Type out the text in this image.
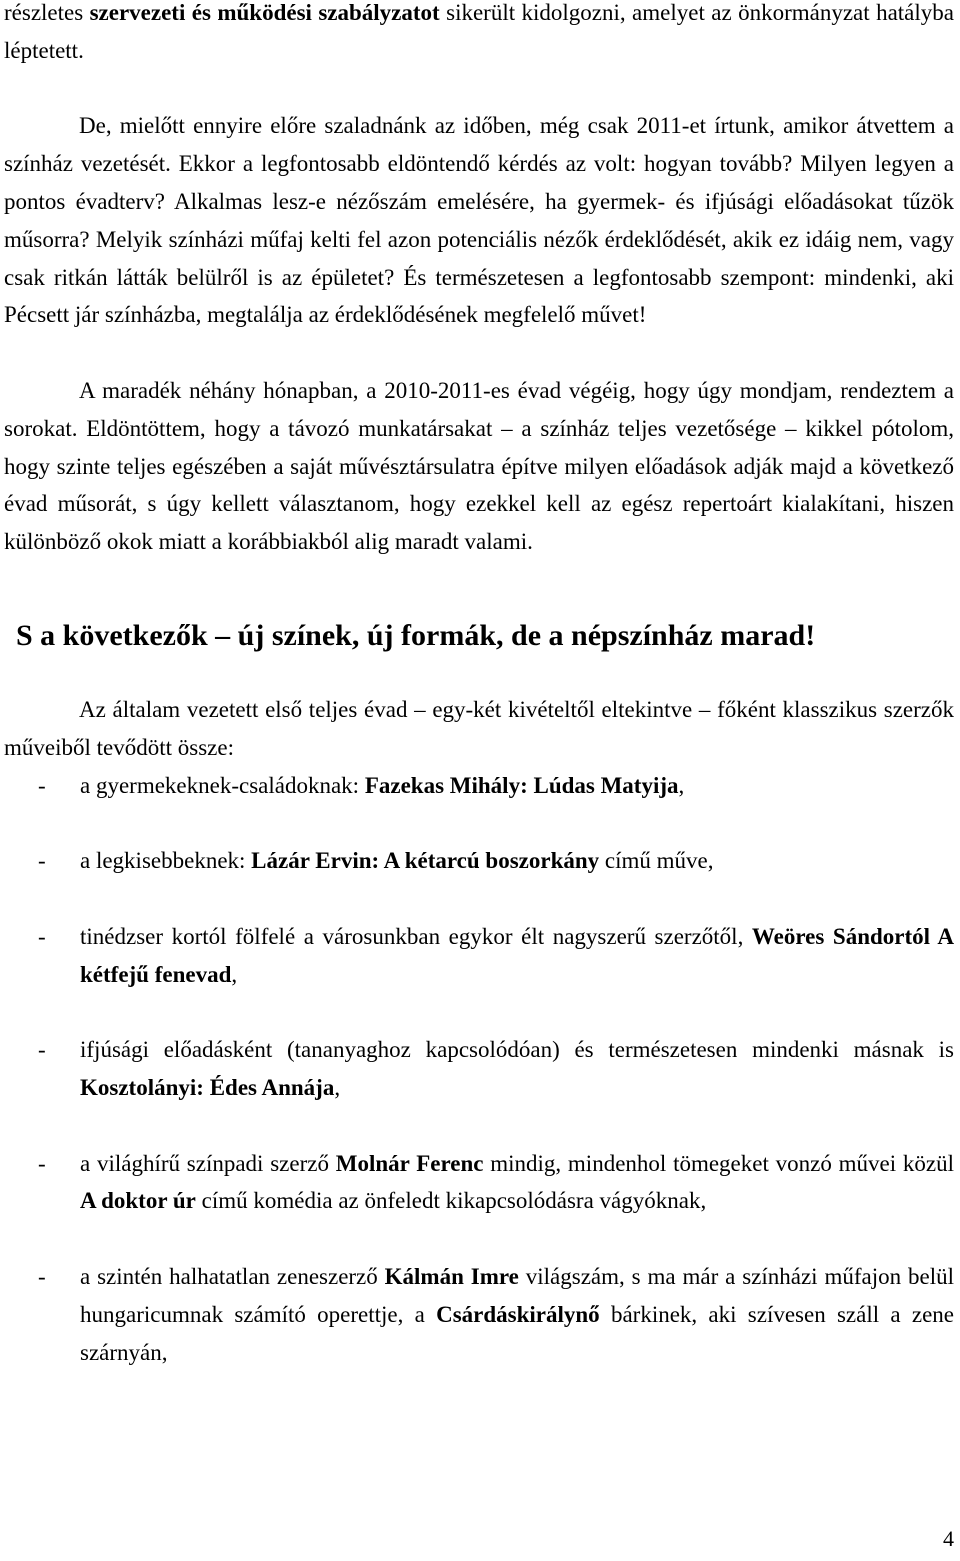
részletes szervezeti és működési szabályzatot sikerült kidolgozni, amelyet az önkormányzat hatályba léptetett.

De, mielőtt ennyire előre szaladnánk az időben, még csak 2011-et írtunk, amikor átvettem a színház vezetését. Ekkor a legfontosabb eldöntendő kérdés az volt: hogyan tovább? Milyen legyen a pontos évadterv? Alkalmas lesz-e nézőszám emelésére, ha gyermek- és ifjúsági előadásokat tűzök műsorra? Melyik színházi műfaj kelti fel azon potenciális nézők érdeklődését, akik ez idáig nem, vagy csak ritkán látták belülről is az épületet? És természetesen a legfontosabb szempont: mindenki, aki Pécsett jár színházba, megtalálja az érdeklődésének megfelelő művet!

A maradék néhány hónapban, a 2010-2011-es évad végéig, hogy úgy mondjam, rendeztem a sorokat. Eldöntöttem, hogy a távozó munkatársakat – a színház teljes vezetősége – kikkel pótolom, hogy szinte teljes egészében a saját művésztársulatra építve milyen előadások adják majd a következő évad műsorát, s úgy kellett választanom, hogy ezekkel kell az egész repertoárt kialakítani, hiszen különböző okok miatt a korábbiakból alig maradt valami.

S a következők – új színek, új formák, de a népszínház marad!

Az általam vezetett első teljes évad – egy-két kivételtől eltekintve – főként klasszikus szerzők műveiből tevődött össze:

-	a gyermekeknek-családoknak: Fazekas Mihály: Lúdas Matyija,
-	a legkisebbeknek: Lázár Ervin: A kétarcú boszorkány című műve,
-	tinédzser kortól fölfelé a városunkban egykor élt nagyszerű szerzőtől, Weöres Sándortól A kétfejű fenevad,
-	ifjúsági előadásként (tananyaghoz kapcsolódóan) és természetesen mindenki másnak is Kosztolányi: Édes Annája,
-	a világhírű színpadi szerző Molnár Ferenc mindig, mindenhol tömegeket vonzó művei közül A doktor úr című komédia az önfeledt kikapcsolódásra vágyóknak,
-	a szintén halhatatlan zeneszerző Kálmán Imre világszám, s ma már a színházi műfajon belül hungaricumnak számító operettje, a Csárdáskirálynő bárkinek, aki szívesen száll a zene szárnyán,
4
